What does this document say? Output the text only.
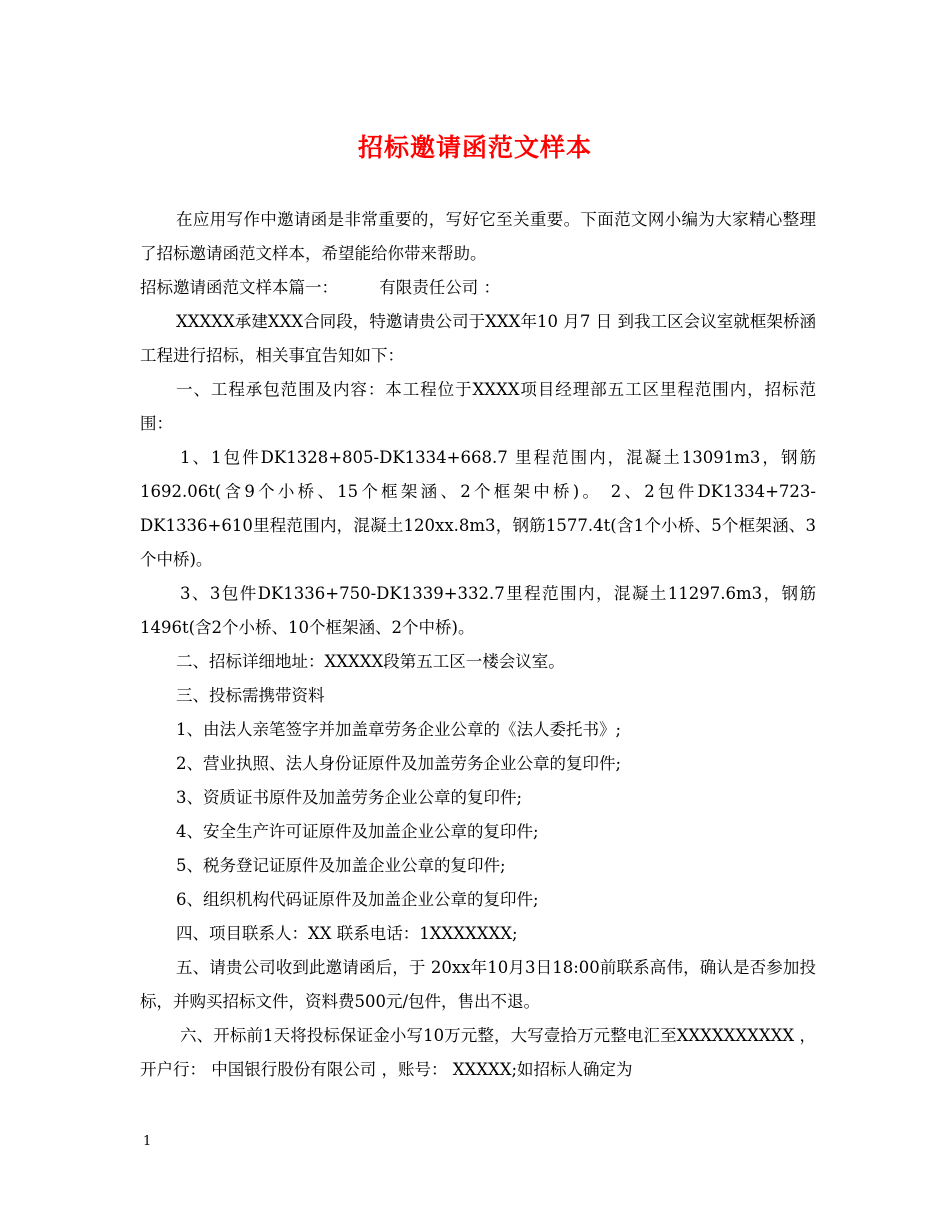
招标邀请函范文样本

在应用写作中邀请函是非常重要的，写好它至关重要。下面范文网小编为大家精心整理了招标邀请函范文样本，希望能给你带来帮助。

招标邀请函范文样本篇一：　　　有限责任公司 ：

XXXXX承建XXX合同段，特邀请贵公司于XXX年10 月7 日 到我工区会议室就框架桥涵 工程进行招标，相关事宜告知如下：

一、工程承包范围及内容：本工程位于XXXX项目经理部五工区里程范围内，招标范围：

1、1包件DK1328+805-DK1334+668.7 里程范围内，混凝土13091m3，钢筋1692.06t(含9个小桥、15个框架涵、2个框架中桥)。 2、2包件DK1334+723-DK1336+610里程范围内，混凝土120xx.8m3，钢筋1577.4t(含1个小桥、5个框架涵、3个中桥)。

3、3包件DK1336+750-DK1339+332.7里程范围内，混凝土11297.6m3，钢筋1496t(含2个小桥、10个框架涵、2个中桥)。

二、招标详细地址：XXXXX段第五工区一楼会议室。

三、投标需携带资料

1、由法人亲笔签字并加盖章劳务企业公章的《法人委托书》;

2、营业执照、法人身份证原件及加盖劳务企业公章的复印件;

3、资质证书原件及加盖劳务企业公章的复印件;

4、安全生产许可证原件及加盖企业公章的复印件;

5、税务登记证原件及加盖企业公章的复印件;

6、组织机构代码证原件及加盖企业公章的复印件;

四、项目联系人：XX 联系电话：1XXXXXXX;

五、请贵公司收到此邀请函后，于 20xx年10月3日18:00前联系高伟，确认是否参加投标，并购买招标文件，资料费500元/包件，售出不退。

六、开标前1天将投标保证金小写10万元整，大写壹拾万元整电汇至XXXXXXXXXX ，开户行： 中国银行股份有限公司 ，账号： XXXXX;如招标人确定为

1
